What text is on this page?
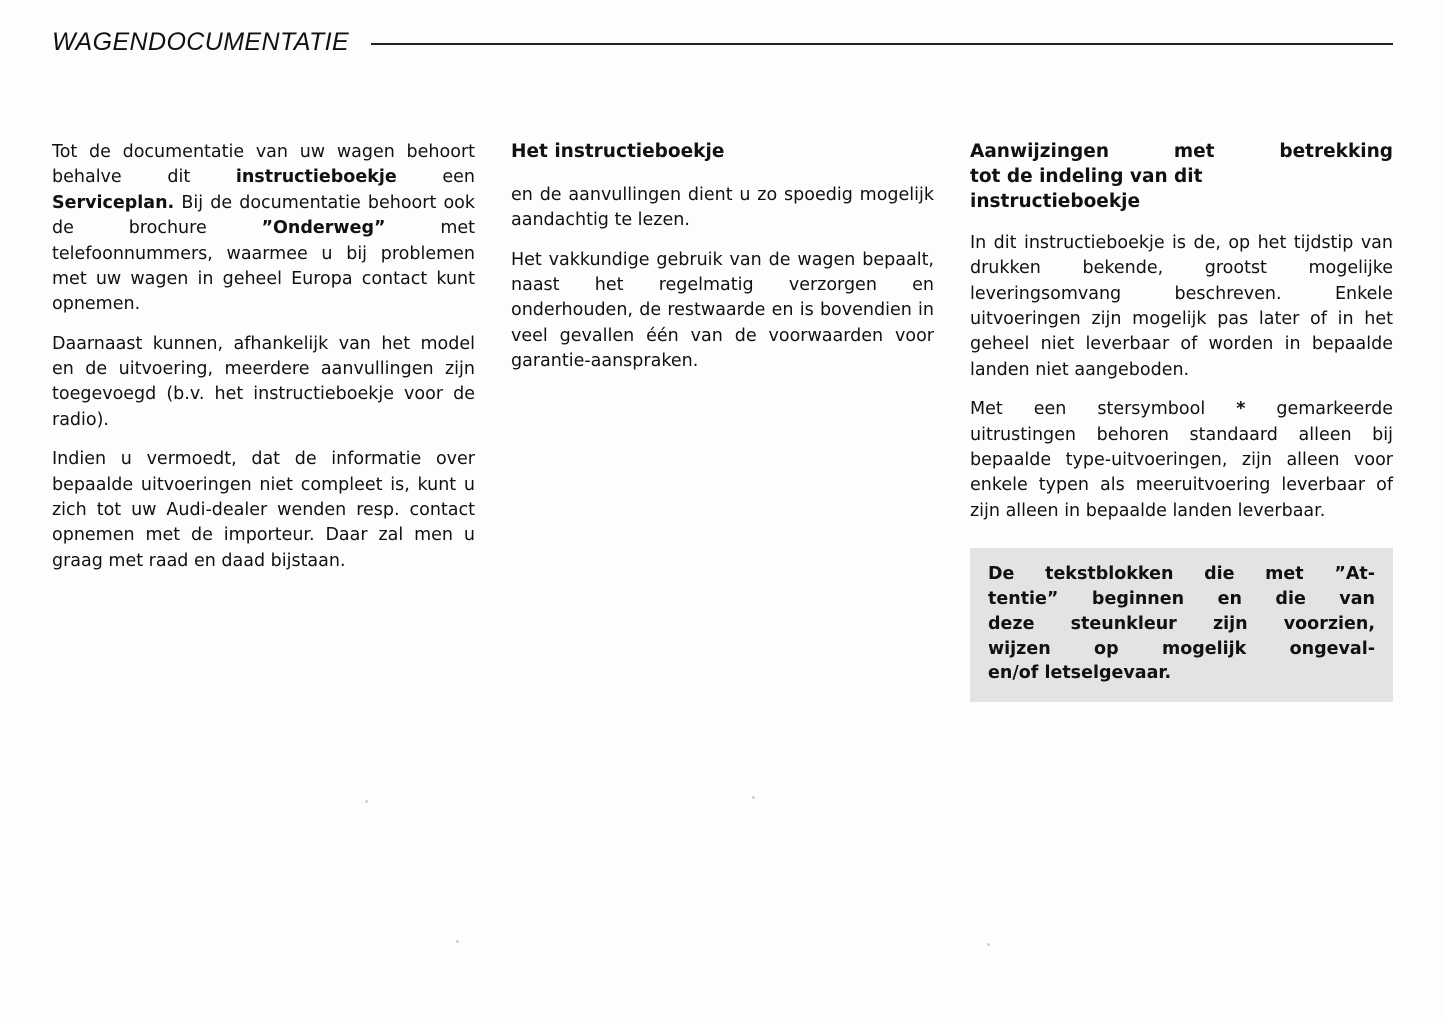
WAGENDOCUMENTATIE

Tot de documentatie van uw wagen behoort behalve dit instructieboekje een Serviceplan. Bij de documentatie behoort ook de brochure ”Onderweg” met telefoonnummers, waarmee u bij problemen met uw wagen in geheel Europa contact kunt opnemen.

Daarnaast kunnen, afhankelijk van het model en de uitvoering, meerdere aanvullingen zijn toegevoegd (b.v. het instructieboekje voor de radio).

Indien u vermoedt, dat de informatie over bepaalde uitvoeringen niet compleet is, kunt u zich tot uw Audi-dealer wenden resp. contact opnemen met de importeur. Daar zal men u graag met raad en daad bijstaan.

Het instructieboekje

en de aanvullingen dient u zo spoedig mogelijk aandachtig te lezen.

Het vakkundige gebruik van de wagen bepaalt, naast het regelmatig verzorgen en onderhouden, de restwaarde en is bovendien in veel gevallen één van de voorwaarden voor garantie-aanspraken.

Aanwijzingen met betrekking
tot de indeling van dit
instructieboekje

In dit instructieboekje is de, op het tijdstip van drukken bekende, grootst mogelijke leveringsomvang beschreven. Enkele uitvoeringen zijn mogelijk pas later of in het geheel niet leverbaar of worden in bepaalde landen niet aangeboden.

Met een stersymbool * gemarkeerde uitrustingen behoren standaard alleen bij bepaalde type-uitvoeringen, zijn alleen voor enkele typen als meeruitvoering leverbaar of zijn alleen in bepaalde landen leverbaar.

De tekstblokken die met ”At-
tentie” beginnen en die van
deze steunkleur zijn voorzien,
wijzen op mogelijk ongeval-
en/of letselgevaar.
